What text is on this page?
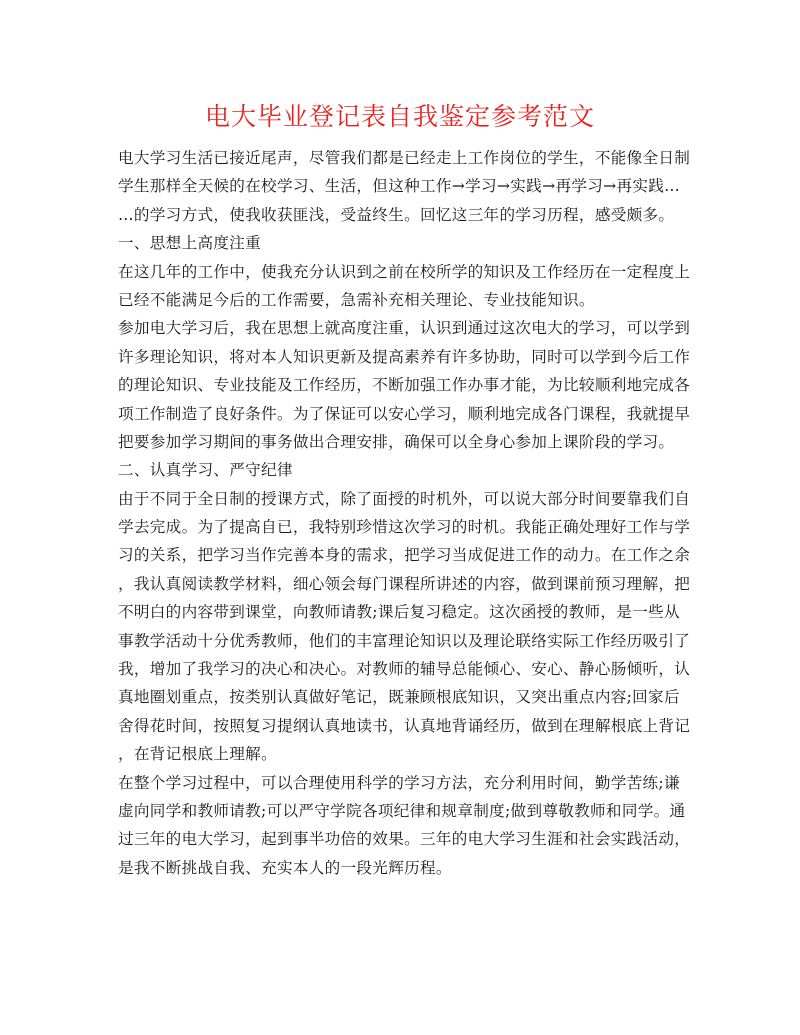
电大毕业登记表自我鉴定参考范文

电大学习生活已接近尾声，尽管我们都是已经走上工作岗位的学生，不能像全日制
学生那样全天候的在校学习、生活，但这种工作→学习→实践→再学习→再实践…
…的学习方式，使我收获匪浅，受益终生。回忆这三年的学习历程，感受颇多。

一、思想上高度注重

在这几年的工作中，使我充分认识到之前在校所学的知识及工作经历在一定程度上
已经不能满足今后的工作需要，急需补充相关理论、专业技能知识。

参加电大学习后，我在思想上就高度注重，认识到通过这次电大的学习，可以学到
许多理论知识，将对本人知识更新及提高素养有许多协助，同时可以学到今后工作
的理论知识、专业技能及工作经历，不断加强工作办事才能，为比较顺利地完成各
项工作制造了良好条件。为了保证可以安心学习，顺利地完成各门课程，我就提早
把要参加学习期间的事务做出合理安排，确保可以全身心参加上课阶段的学习。

二、认真学习、严守纪律

由于不同于全日制的授课方式，除了面授的时机外，可以说大部分时间要靠我们自
学去完成。为了提高自已，我特别珍惜这次学习的时机。我能正确处理好工作与学
习的关系，把学习当作完善本身的需求，把学习当成促进工作的动力。在工作之余
，我认真阅读教学材料，细心领会每门课程所讲述的内容，做到课前预习理解，把
不明白的内容带到课堂，向教师请教;课后复习稳定。这次函授的教师，是一些从
事教学活动十分优秀教师，他们的丰富理论知识以及理论联络实际工作经历吸引了
我，增加了我学习的决心和决心。对教师的辅导总能倾心、安心、静心肠倾听，认
真地圈划重点，按类别认真做好笔记，既兼顾根底知识，又突出重点内容;回家后
舍得花时间，按照复习提纲认真地读书，认真地背诵经历，做到在理解根底上背记
，在背记根底上理解。

在整个学习过程中，可以合理使用科学的学习方法，充分利用时间，勤学苦练;谦
虚向同学和教师请教;可以严守学院各项纪律和规章制度;做到尊敬教师和同学。通
过三年的电大学习，起到事半功倍的效果。三年的电大学习生涯和社会实践活动，
是我不断挑战自我、充实本人的一段光辉历程。
